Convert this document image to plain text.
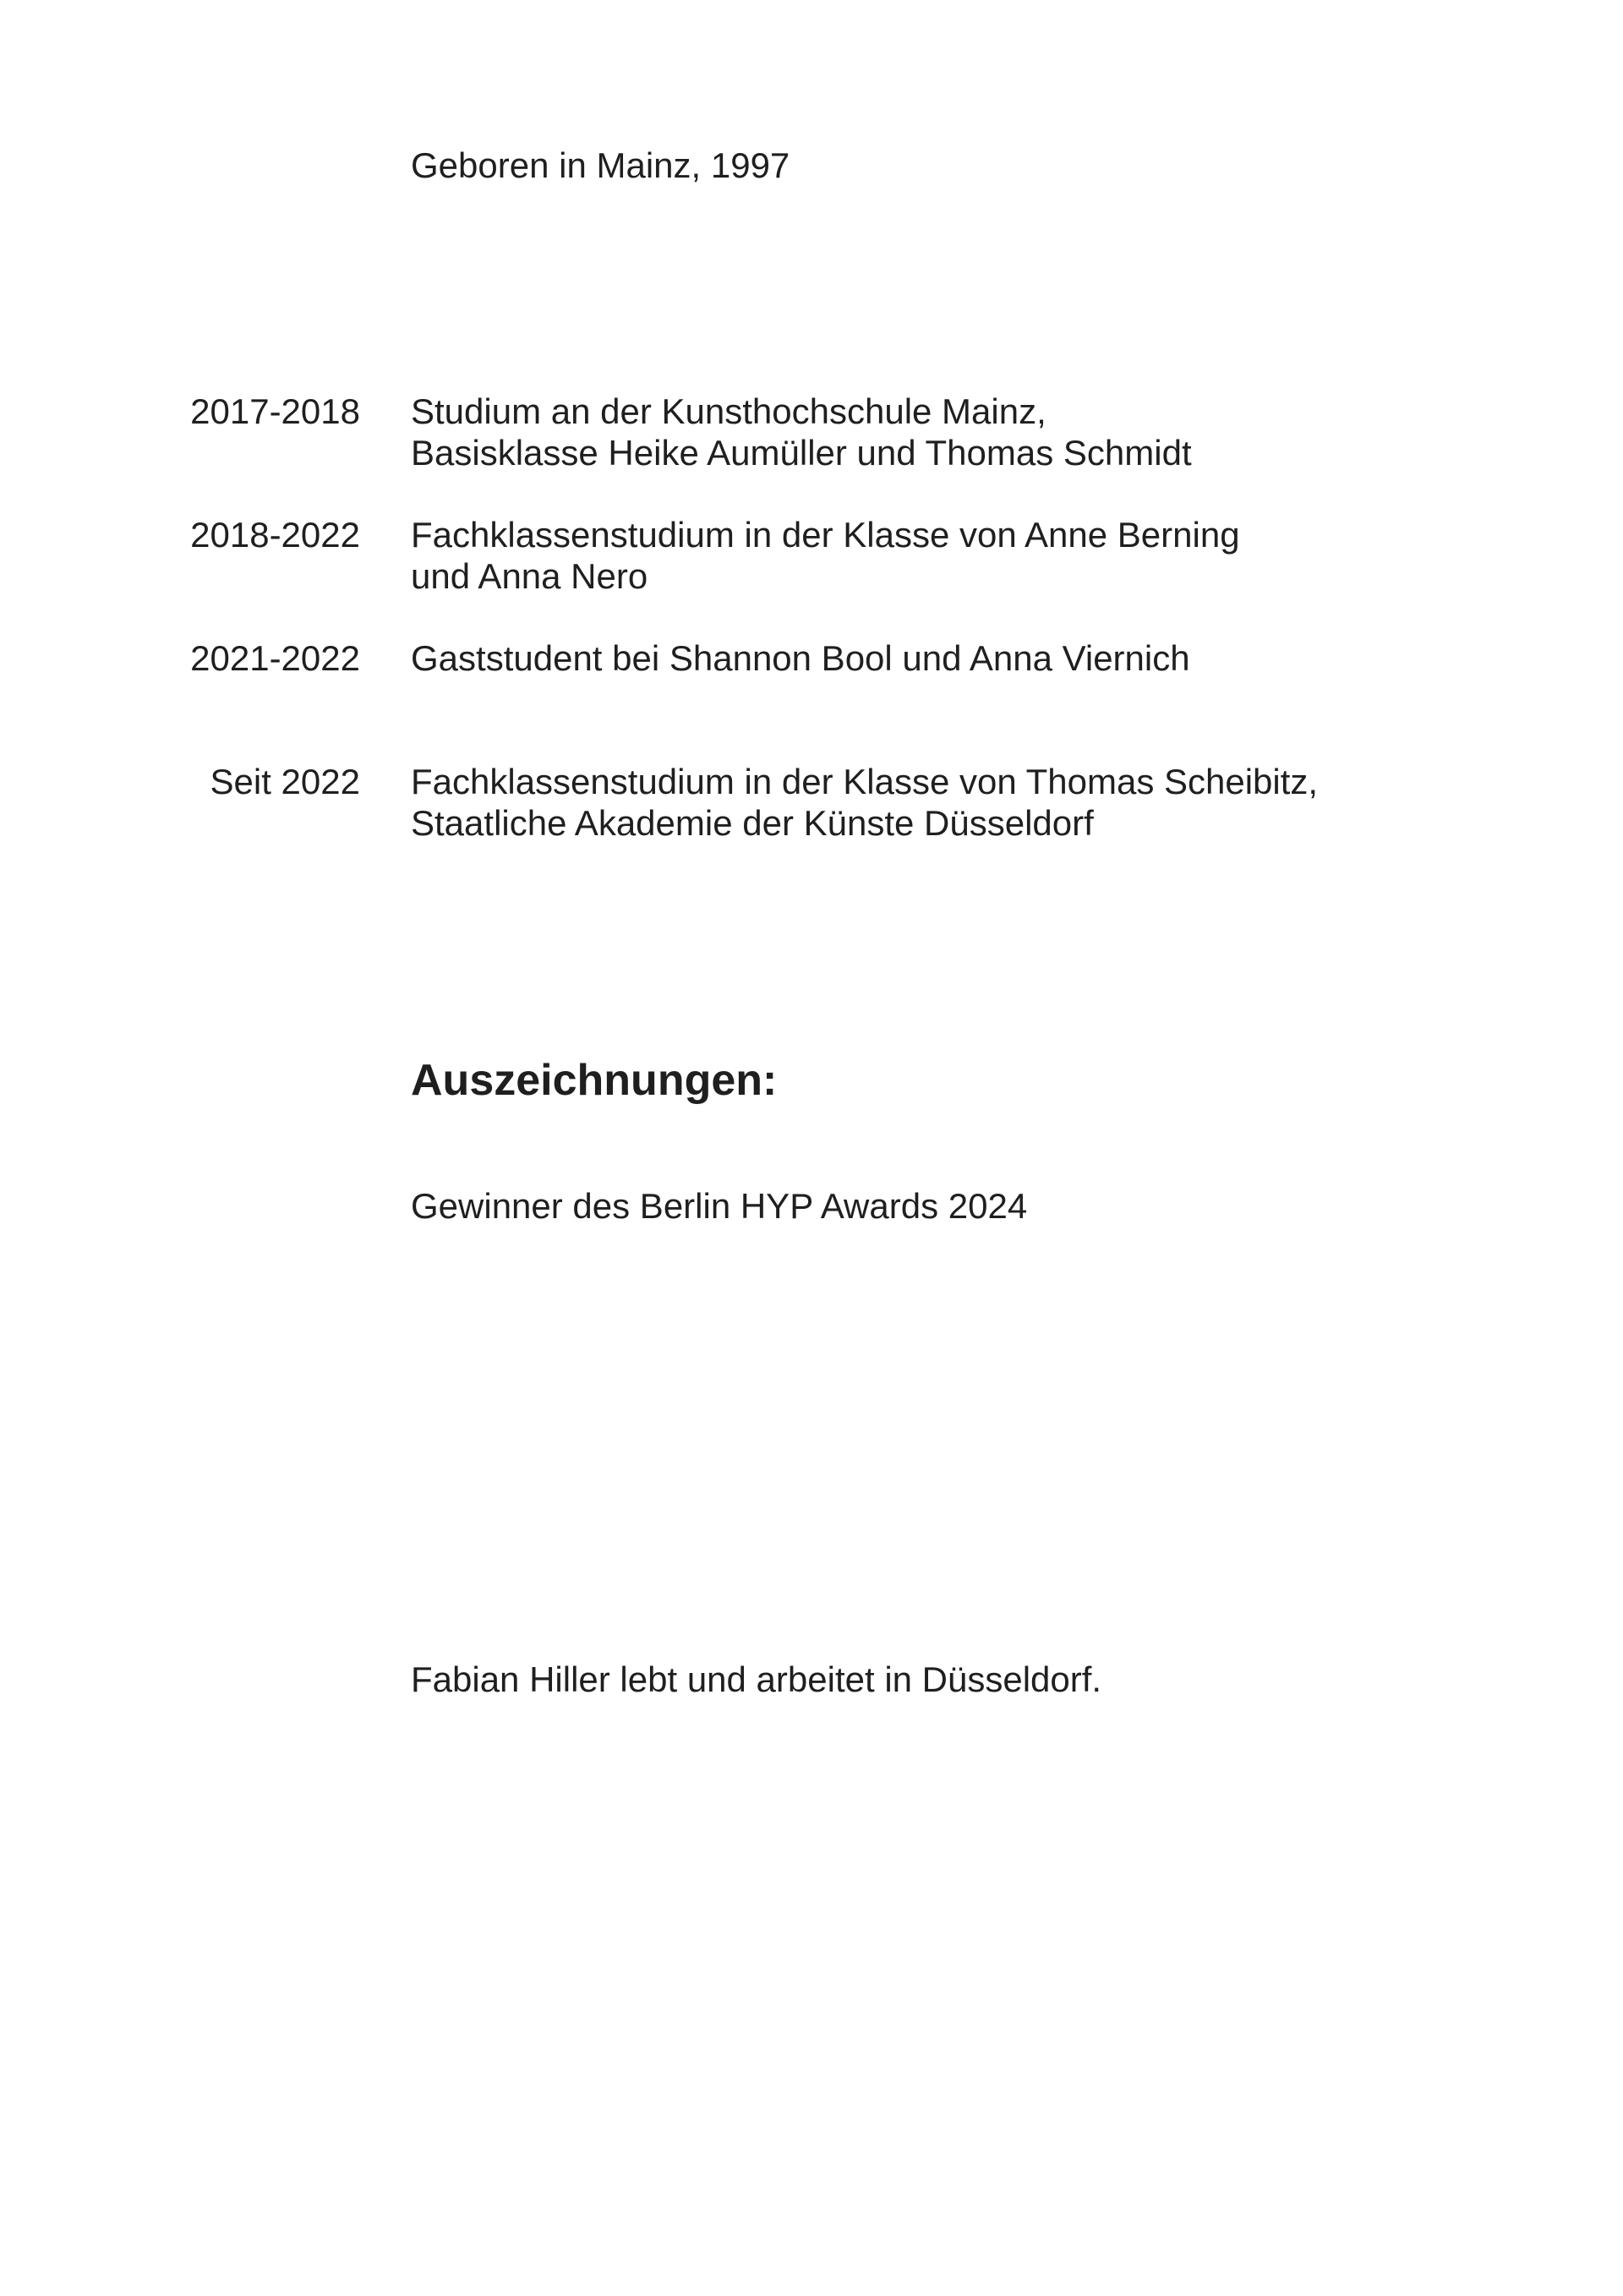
Geboren in Mainz, 1997
2017-2018 Studium an der Kunsthochschule Mainz,
Basisklasse Heike Aumüller und Thomas Schmidt
2018-2022 Fachklassenstudium in der Klasse von Anne Berning
und Anna Nero
2021-2022 Gaststudent bei Shannon Bool und Anna Viernich
Seit 2022 Fachklassenstudium in der Klasse von Thomas Scheibitz,
Staatliche Akademie der Künste Düsseldorf
Auszeichnungen:
Gewinner des Berlin HYP Awards 2024
Fabian Hiller lebt und arbeitet in Düsseldorf.
